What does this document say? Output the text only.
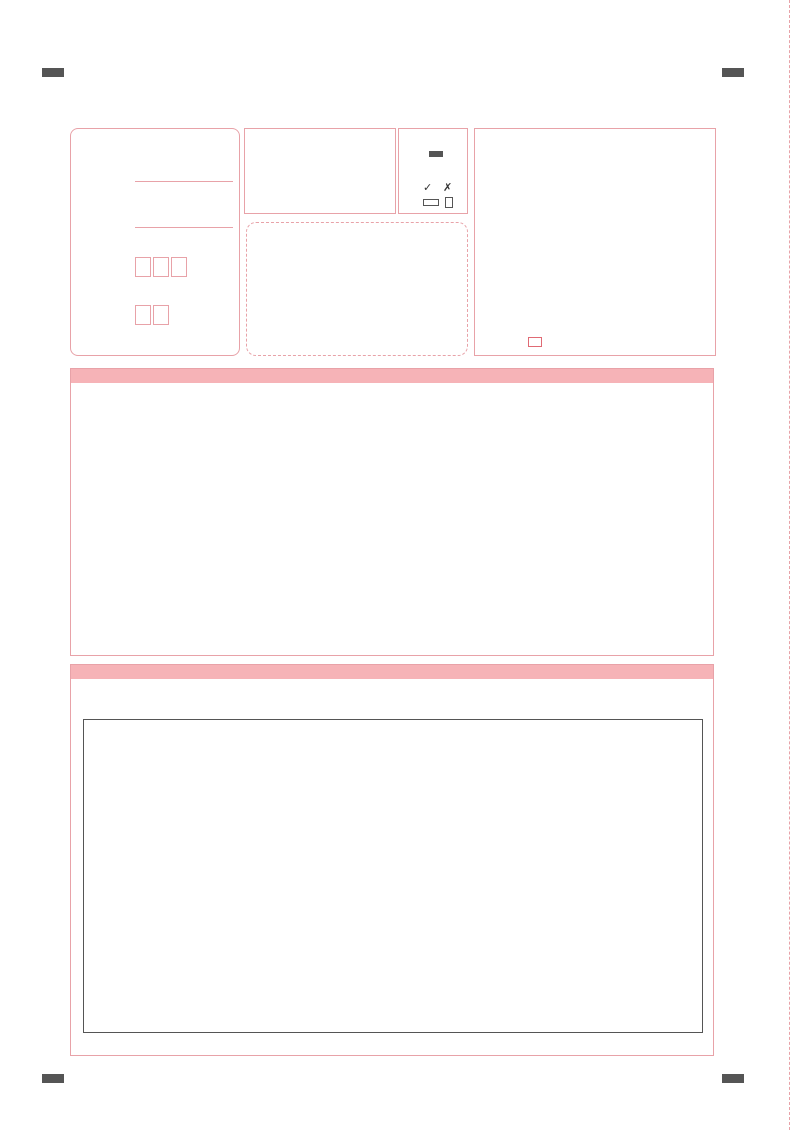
✓ ✗
